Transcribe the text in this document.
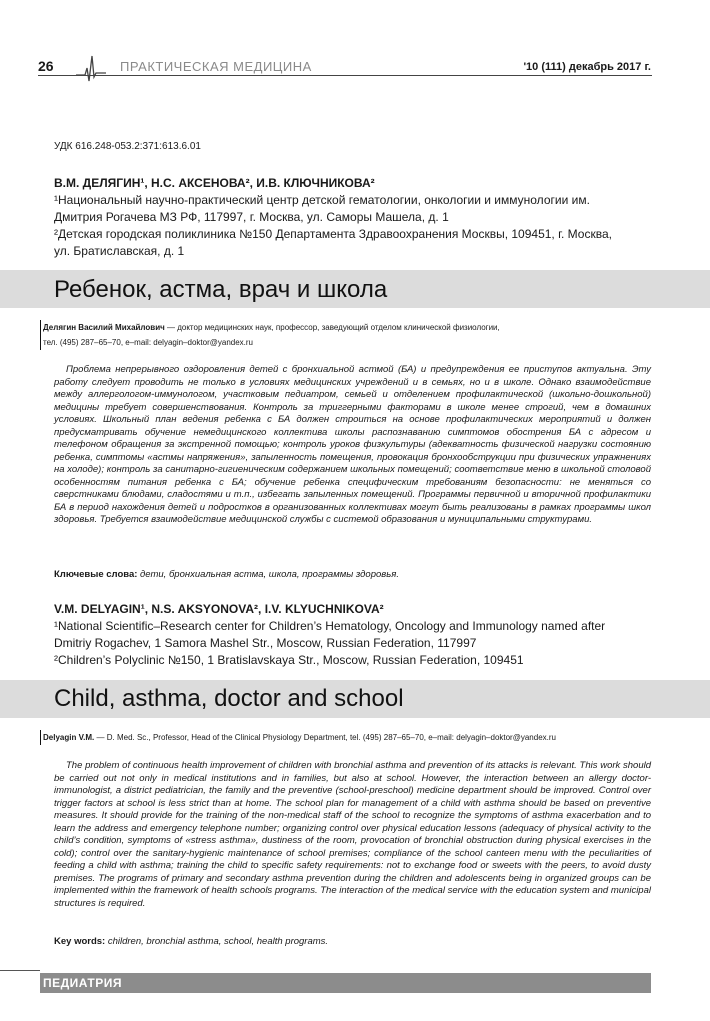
26	ПРАКТИЧЕСКАЯ МЕДИЦИНА	'10 (111) декабрь 2017 г.
УДК 616.248-053.2:371:613.6.01
В.М. ДЕЛЯГИН¹, Н.С. АКСЕНОВА², И.В. КЛЮЧНИКОВА²
¹Национальный научно-практический центр детской гематологии, онкологии и иммунологии им.
Дмитрия Рогачева МЗ РФ, 117997, г. Москва, ул. Саморы Машела, д. 1
²Детская городская поликлиника №150 Департамента Здравоохранения Москвы, 109451, г. Москва,
ул. Братиславская, д. 1
Ребенок, астма, врач и школа
Делягин Василий Михайлович — доктор медицинских наук, профессор, заведующий отделом клинической физиологии,
тел. (495) 287–65–70, e–mail: delyagin–doktor@yandex.ru
Проблема непрерывного оздоровления детей с бронхиальной астмой (БА) и предупреждения ее приступов актуальна. Эту работу следует проводить не только в условиях медицинских учреждений и в семьях, но и в школе. Однако взаимодействие между аллергологом-иммунологом, участковым педиатром, семьей и отделением профилактической (школьно-дошкольной) медицины требует совершенствования. Контроль за триггерными факторами в школе менее строгий, чем в домашних условиях. Школьный план ведения ребенка с БА должен строиться на основе профилактических мероприятий и должен предусматривать обучение немедицинского коллектива школы распознаванию симптомов обострения БА с адресом и телефоном обращения за экстренной помощью; контроль уроков физкультуры (адекватность физической нагрузки состоянию ребенка, симптомы «астмы напряжения», запыленность помещения, провокация бронхообструкции при физических упражнениях на холоде); контроль за санитарно-гигиеническим содержанием школьных помещений; соответствие меню в школьной столовой особенностям питания ребенка с БА; обучение ребенка специфическим требованиям безопасности: не меняться со сверстниками блюдами, сладостями и т.п., избегать запыленных помещений. Программы первичной и вторичной профилактики БА в период нахождения детей и подростков в организованных коллективах могут быть реализованы в рамках программы школ здоровья. Требуется взаимодействие медицинской службы с системой образования и муниципальными структурами.
Ключевые слова: дети, бронхиальная астма, школа, программы здоровья.
V.M. DELYAGIN¹, N.S. AKSYONOVA², I.V. KLYUCHNIKOVA²
¹National Scientific–Research center for Children’s Hematology, Oncology and Immunology named after
Dmitriy Rogachev, 1 Samora Mashel Str., Moscow, Russian Federation, 117997
²Children’s Polyclinic №150, 1 Bratislavskaya Str., Moscow, Russian Federation, 109451
Child, asthma, doctor and school
Delyagin V.M. — D. Med. Sc., Professor, Head of the Clinical Physiology Department, tel. (495) 287–65–70, e–mail: delyagin–doktor@yandex.ru
The problem of continuous health improvement of children with bronchial asthma and prevention of its attacks is relevant. This work should be carried out not only in medical institutions and in families, but also at school. However, the interaction between an allergy doctor-immunologist, a district pediatrician, the family and the preventive (school-preschool) medicine department should be improved. Control over trigger factors at school is less strict than at home. The school plan for management of a child with asthma should be based on preventive measures. It should provide for the training of the non-medical staff of the school to recognize the symptoms of asthma exacerbation and to learn the address and emergency telephone number; organizing control over physical education lessons (adequacy of physical activity to the child’s condition, symptoms of «stress asthma», dustiness of the room, provocation of bronchial obstruction during physical exercises in the cold); control over the sanitary-hygienic maintenance of school premises; compliance of the school canteen menu with the peculiarities of feeding a child with asthma; training the child to specific safety requirements: not to exchange food or sweets with the peers, to avoid dusty premises. The programs of primary and secondary asthma prevention during the children and adolescents being in organized groups can be implemented within the framework of health schools programs. The interaction of the medical service with the education system and municipal structures is required.
Key words: children, bronchial asthma, school, health programs.
ПЕДИАТРИЯ
